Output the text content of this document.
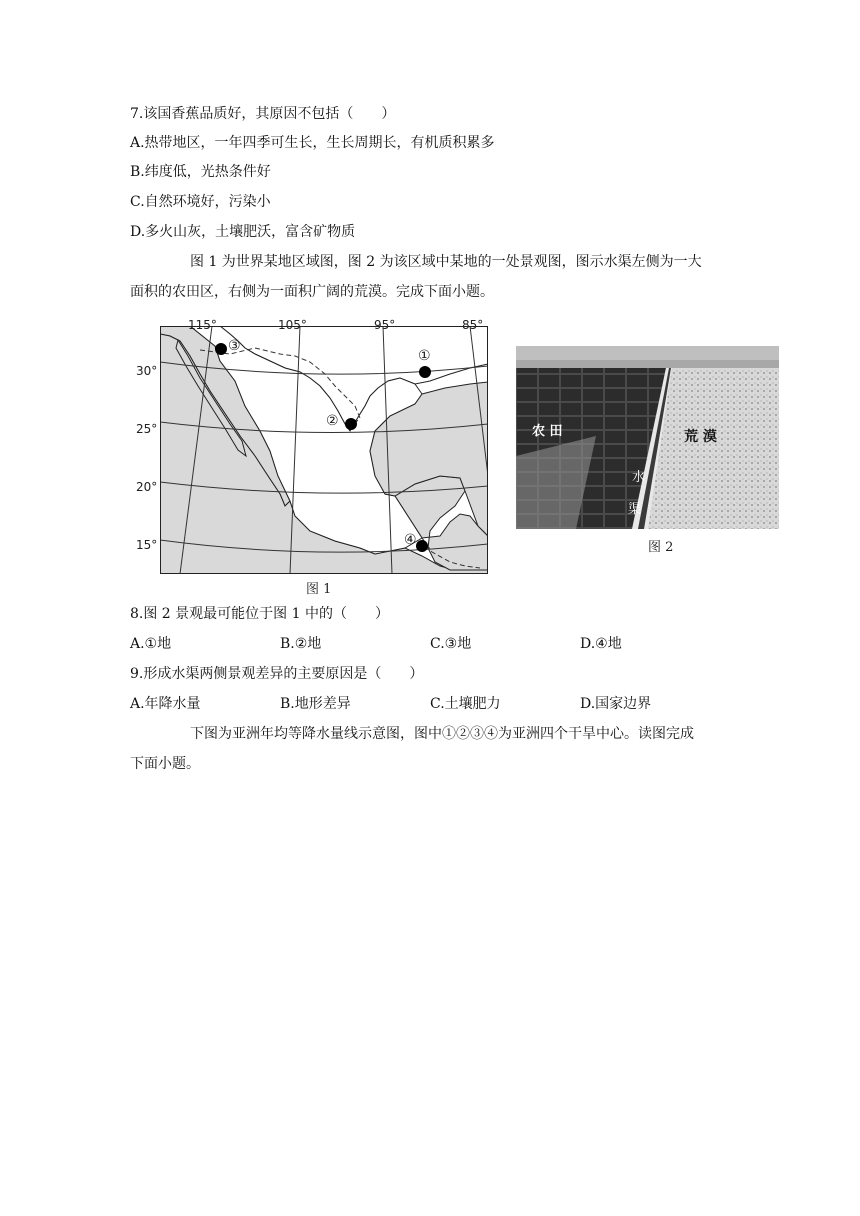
7.该国香蕉品质好，其原因不包括（　　）
A.热带地区，一年四季可生长，生长周期长，有机质积累多
B.纬度低，光热条件好
C.自然环境好，污染小
D.多火山灰，土壤肥沃，富含矿物质
图 1 为世界某地区域图，图 2 为该区域中某地的一处景观图，图示水渠左侧为一大
面积的农田区，右侧为一面积广阔的荒漠。完成下面小题。
115°	105°	95°	85°
30°
25°
20°
15°
①
②
③
④
图 1
农 田	荒 漠
水
渠
图 2
8.图 2 景观最可能位于图 1 中的（　　）
A.①地	B.②地	C.③地	D.④地
9.形成水渠两侧景观差异的主要原因是（　　）
A.年降水量	B.地形差异	C.土壤肥力	D.国家边界
下图为亚洲年均等降水量线示意图，图中①②③④为亚洲四个干旱中心。读图完成
下面小题。
